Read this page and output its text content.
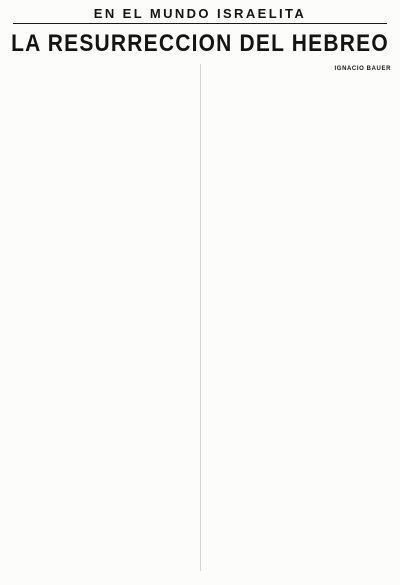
EN EL MUNDO ISRAELITA
LA RESURRECCION DEL HEBREO
IGNACIO BAUER
